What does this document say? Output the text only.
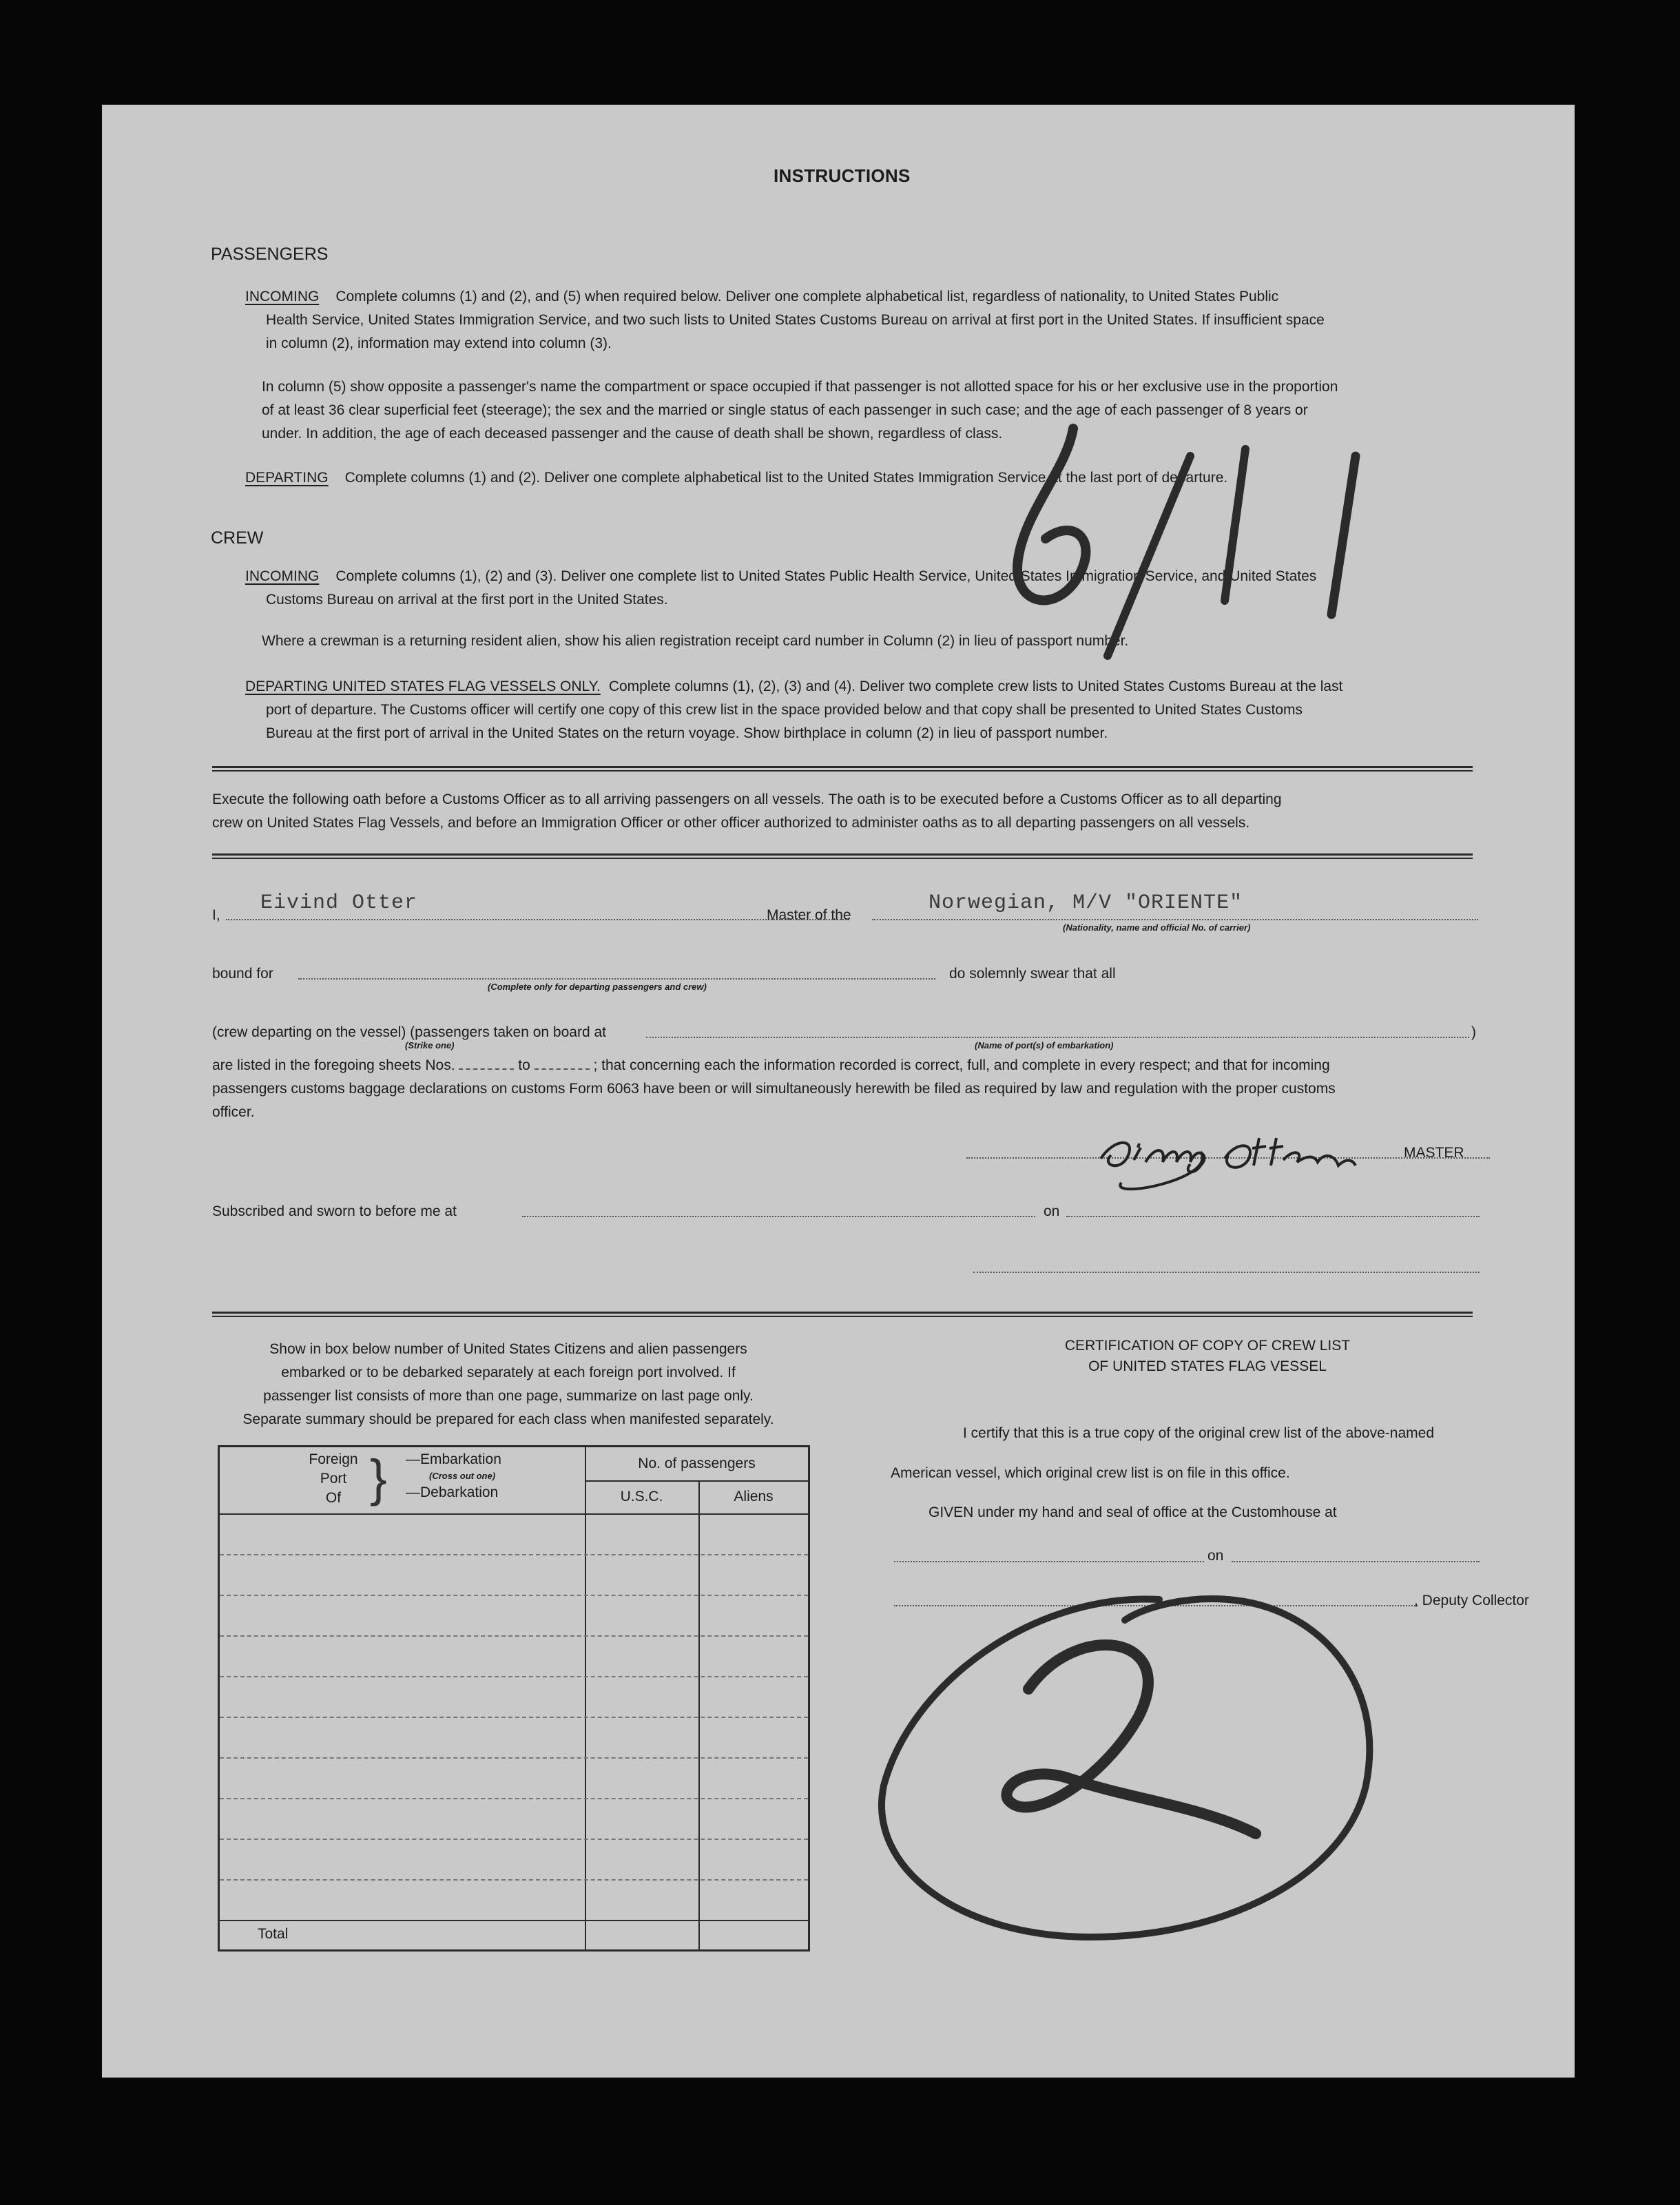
INSTRUCTIONS
PASSENGERS
INCOMING Complete columns (1) and (2), and (5) when required below. Deliver one complete alphabetical list, regardless of nationality, to United States Public
Health Service, United States Immigration Service, and two such lists to United States Customs Bureau on arrival at first port in the United States. If insufficient space
in column (2), information may extend into column (3).
In column (5) show opposite a passenger's name the compartment or space occupied if that passenger is not allotted space for his or her exclusive use in the proportion
of at least 36 clear superficial feet (steerage); the sex and the married or single status of each passenger in such case; and the age of each passenger of 8 years or
under. In addition, the age of each deceased passenger and the cause of death shall be shown, regardless of class.
DEPARTING Complete columns (1) and (2). Deliver one complete alphabetical list to the United States Immigration Service at the last port of departure.
CREW
INCOMING Complete columns (1), (2) and (3). Deliver one complete list to United States Public Health Service, United States Immigration Service, and United States
Customs Bureau on arrival at the first port in the United States.
Where a crewman is a returning resident alien, show his alien registration receipt card number in Column (2) in lieu of passport number.
DEPARTING UNITED STATES FLAG VESSELS ONLY. Complete columns (1), (2), (3) and (4). Deliver two complete crew lists to United States Customs Bureau at the last
port of departure. The Customs officer will certify one copy of this crew list in the space provided below and that copy shall be presented to United States Customs
Bureau at the first port of arrival in the United States on the return voyage. Show birthplace in column (2) in lieu of passport number.
Execute the following oath before a Customs Officer as to all arriving passengers on all vessels. The oath is to be executed before a Customs Officer as to all departing
crew on United States Flag Vessels, and before an Immigration Officer or other officer authorized to administer oaths as to all departing passengers on all vessels.
I,
Eivind Otter
Master of the
Norwegian, M/V "ORIENTE"
(Nationality, name and official No. of carrier)
bound for
(Complete only for departing passengers and crew)
do solemnly swear that all
(crew departing on the vessel) (passengers taken on board at	)
(Strike one)	(Name of port(s) of embarkation)
are listed in the foregoing sheets Nos.	to	; that concerning each the information recorded is correct, full, and complete in every respect; and that for incoming
passengers customs baggage declarations on customs Form 6063 have been or will simultaneously herewith be filed as required by law and regulation with the proper customs
officer.
MASTER
Subscribed and sworn to before me at	on
Show in box below number of United States Citizens and alien passengers
embarked or to be debarked separately at each foreign port involved. If
passenger list consists of more than one page, summarize on last page only.
Separate summary should be prepared for each class when manifested separately.
Foreign
Port
Of } —Embarkation
(Cross out one)
—Debarkation
No. of passengers
U.S.C.	Aliens
Total
CERTIFICATION OF COPY OF CREW LIST
OF UNITED STATES FLAG VESSEL
I certify that this is a true copy of the original crew list of the above-named
American vessel, which original crew list is on file in this office.
GIVEN under my hand and seal of office at the Customhouse at
on
, Deputy Collector
